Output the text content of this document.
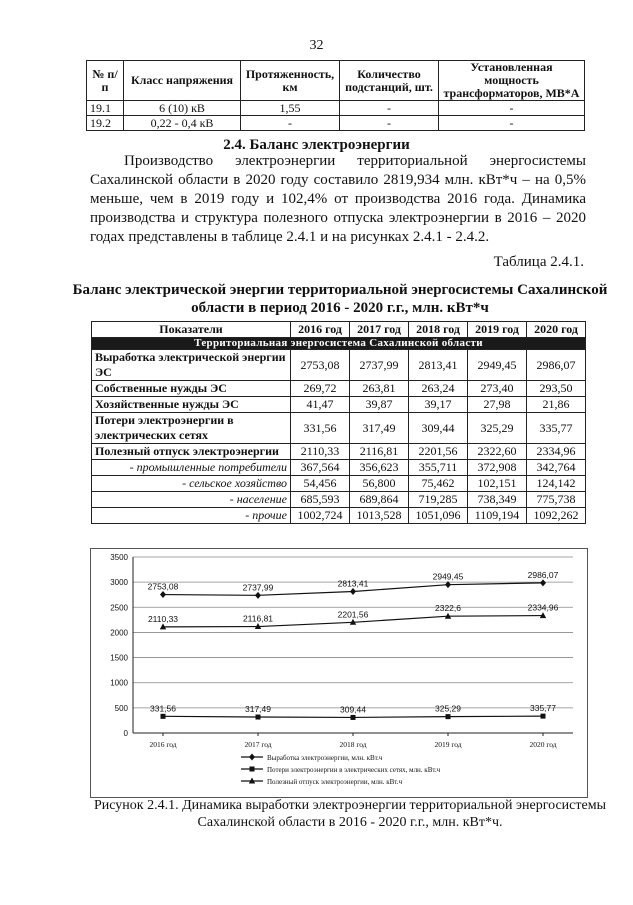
32
№ п/п	Класс напряжения	Протяженность, км	Количество подстанций, шт.	Установленная мощность трансформаторов, МВ*А
19.1	6 (10) кВ	1,55	-	-
19.2	0,22 - 0,4 кВ	-	-	-
2.4. Баланс электроэнергии

Производство электроэнергии территориальной энергосистемы Сахалинской области в 2020 году составило 2819,934 млн. кВт*ч – на 0,5% меньше, чем в 2019 году и 102,4% от производства 2016 года. Динамика производства и структура полезного отпуска электроэнергии в 2016 – 2020 годах представлены в таблице 2.4.1 и на рисунках 2.4.1 - 2.4.2.

Таблица 2.4.1.
Баланс электрической энергии территориальной энергосистемы Сахалинской области в период 2016 - 2020 г.г., млн. кВт*ч
Показатели	2016 год	2017 год	2018 год	2019 год	2020 год
Территориальная энергосистема Сахалинской области					
Выработка электрической энергии ЭС	2753,08	2737,99	2813,41	2949,45	2986,07
Собственные нужды ЭС	269,72	263,81	263,24	273,40	293,50
Хозяйственные нужды ЭС	41,47	39,87	39,17	27,98	21,86
Потери электроэнергии в электрических сетях	331,56	317,49	309,44	325,29	335,77
Полезный отпуск электроэнергии	2110,33	2116,81	2201,56	2322,60	2334,96
- промышленные потребители	367,564	356,623	355,711	372,908	342,764
- сельское хозяйство	54,456	56,800	75,462	102,151	124,142
- население	685,593	689,864	719,285	738,349	775,738
- прочие	1002,724	1013,528	1051,096	1109,194	1092,262
0
500
1000
1500
2000
2500
3000
3500
2016 год	2017 год	2018 год	2019 год	2020 год
2753,08	2737,99	2813,41
2949,45	2986,07
331,56	317,49	309,44	325,29	335,77
2110,33	2116,81	2201,56
2322,6	2334,96
Выработка электроэнергии, млн. кВт.ч
Потери электроэнергии в электрических сетях, млн. кВт.ч
Полезный отпуск электроэнергии, млн. кВт.ч
Рисунок 2.4.1. Динамика выработки электроэнергии территориальной энергосистемы Сахалинской области в 2016 - 2020 г.г., млн. кВт*ч.
